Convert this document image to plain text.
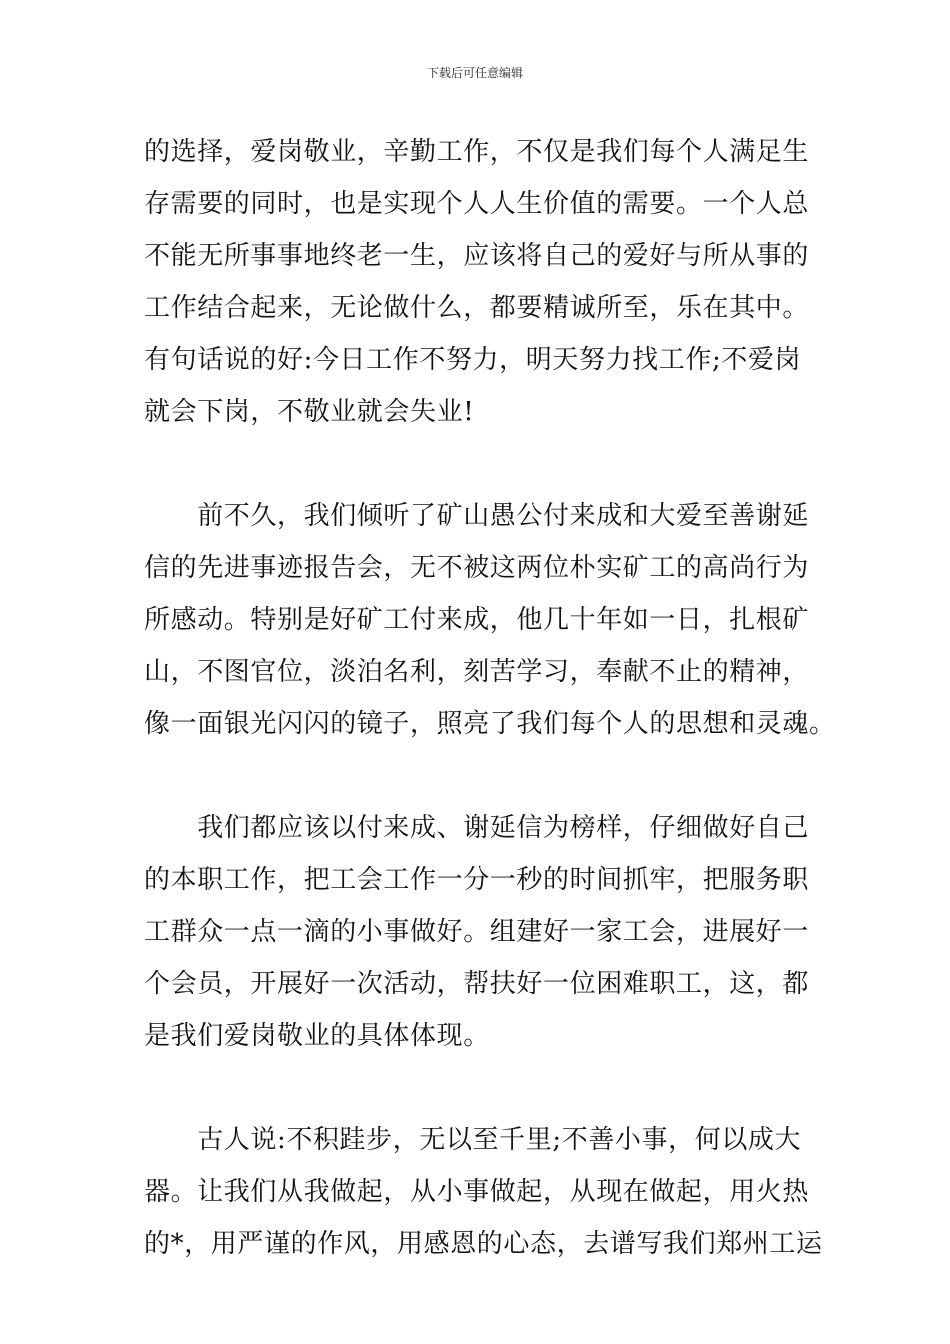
下载后可任意编辑
的选择，爱岗敬业，辛勤工作，不仅是我们每个人满足生
存需要的同时，也是实现个人人生价值的需要。一个人总
不能无所事事地终老一生，应该将自己的爱好与所从事的
工作结合起来，无论做什么，都要精诚所至，乐在其中。
有句话说的好:今日工作不努力，明天努力找工作;不爱岗
就会下岗，不敬业就会失业!
　　前不久，我们倾听了矿山愚公付来成和大爱至善谢延
信的先进事迹报告会，无不被这两位朴实矿工的高尚行为
所感动。特别是好矿工付来成，他几十年如一日，扎根矿
山，不图官位，淡泊名利，刻苦学习，奉献不止的精神，
像一面银光闪闪的镜子，照亮了我们每个人的思想和灵魂。
　　我们都应该以付来成、谢延信为榜样，仔细做好自己
的本职工作，把工会工作一分一秒的时间抓牢，把服务职
工群众一点一滴的小事做好。组建好一家工会，进展好一
个会员，开展好一次活动，帮扶好一位困难职工，这，都
是我们爱岗敬业的具体体现。
　　古人说:不积跬步，无以至千里;不善小事，何以成大
器。让我们从我做起，从小事做起，从现在做起，用火热
的*，用严谨的作风，用感恩的心态，去谱写我们郑州工运
